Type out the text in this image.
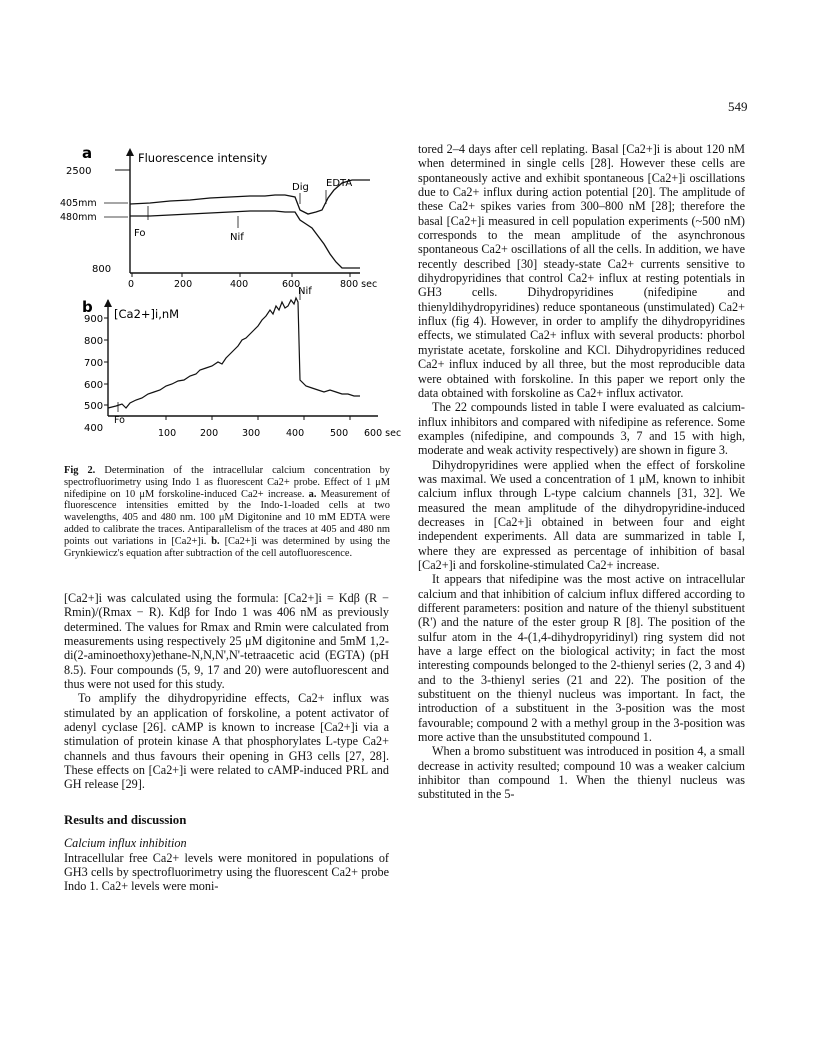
549
a	Fluorescence intensity
2500
800
0	200	400	600	800 sec
405mm
480mm
Fo	Nif
Dig EDTA
b [Ca2+]i,nM
900
800
700
600
500
400	100	200	300	400	500 600 sec
Fo
Nif
Fig 2. Determination of the intracellular calcium concentration by spectrofluorimetry using Indo 1 as fluorescent Ca2+ probe. Effect of 1 μM nifedipine on 10 μM forskoline-induced Ca2+ increase. a. Measurement of fluorescence intensities emitted by the Indo-1-loaded cells at two wavelengths, 405 and 480 nm. 100 μM Digitonine and 10 mM EDTA were added to calibrate the traces. Antiparallelism of the traces at 405 and 480 nm points out variations in [Ca2+]i. b. [Ca2+]i was determined by using the Grynkiewicz's equation after subtraction of the cell autofluorescence.

[Ca2+]i was calculated using the formula: [Ca2+]i = Kdβ (R − Rmin)/(Rmax − R). Kdβ for Indo 1 was 406 nM as previously determined. The values for Rmax and Rmin were calculated from measurements using respectively 25 μM digitonine and 5mM 1,2-di(2-aminoethoxy)ethane-N,N,N',N'-tetraacetic acid (EGTA) (pH 8.5). Four compounds (5, 9, 17 and 20) were autofluorescent and thus were not used for this study.

To amplify the dihydropyridine effects, Ca2+ influx was stimulated by an application of forskoline, a potent activator of adenyl cyclase [26]. cAMP is known to increase [Ca2+]i via a stimulation of protein kinase A that phosphorylates L-type Ca2+ channels and thus favours their opening in GH3 cells [27, 28]. These effects on [Ca2+]i were related to cAMP-induced PRL and GH release [29].

Results and discussion

Calcium influx inhibition

Intracellular free Ca2+ levels were monitored in populations of GH3 cells by spectrofluorimetry using the fluorescent Ca2+ probe Indo 1. Ca2+ levels were moni-

tored 2–4 days after cell replating. Basal [Ca2+]i is about 120 nM when determined in single cells [28]. However these cells are spontaneously active and exhibit spontaneous [Ca2+]i oscillations due to Ca2+ influx during action potential [20]. The amplitude of these Ca2+ spikes varies from 300–800 nM [28]; therefore the basal [Ca2+]i measured in cell population experiments (~500 nM) corresponds to the mean amplitude of the asynchronous spontaneous Ca2+ oscillations of all the cells. In addition, we have recently described [30] steady-state Ca2+ currents sensitive to dihydropyridines that control Ca2+ influx at resting potentials in GH3 cells. Dihydropyridines (nifedipine and thienyldihydropyridines) reduce spontaneous (unstimulated) Ca2+ influx (fig 4). However, in order to amplify the dihydropyridines effects, we stimulated Ca2+ influx with several products: phorbol myristate acetate, forskoline and KCl. Dihydropyridines reduced Ca2+ influx induced by all three, but the most reproducible data were obtained with forskoline. In this paper we report only the data obtained with forskoline as Ca2+ influx activator.

The 22 compounds listed in table I were evaluated as calcium-influx inhibitors and compared with nifedipine as reference. Some examples (nifedipine, and compounds 3, 7 and 15 with high, moderate and weak activity respectively) are shown in figure 3.

Dihydropyridines were applied when the effect of forskoline was maximal. We used a concentration of 1 μM, known to inhibit calcium influx through L-type calcium channels [31, 32]. We measured the mean amplitude of the dihydropyridine-induced decreases in [Ca2+]i obtained in between four and eight independent experiments. All data are summarized in table I, where they are expressed as percentage of inhibition of basal [Ca2+]i and forskoline-stimulated Ca2+ increase.

It appears that nifedipine was the most active on intracellular calcium and that inhibition of calcium influx differed according to different parameters: position and nature of the thienyl substituent (R') and the nature of the ester group R [8]. The position of the sulfur atom in the 4-(1,4-dihydropyridinyl) ring system did not have a large effect on the biological activity; in fact the most interesting compounds belonged to the 2-thienyl series (2, 3 and 4) and to the 3-thienyl series (21 and 22). The position of the substituent on the thienyl nucleus was important. In fact, the introduction of a substituent in the 3-position was the most favourable; compound 2 with a methyl group in the 3-position was more active than the unsubstituted compound 1.

When a bromo substituent was introduced in position 4, a small decrease in activity resulted; compound 10 was a weaker calcium inhibitor than compound 1. When the thienyl nucleus was substituted in the 5-
